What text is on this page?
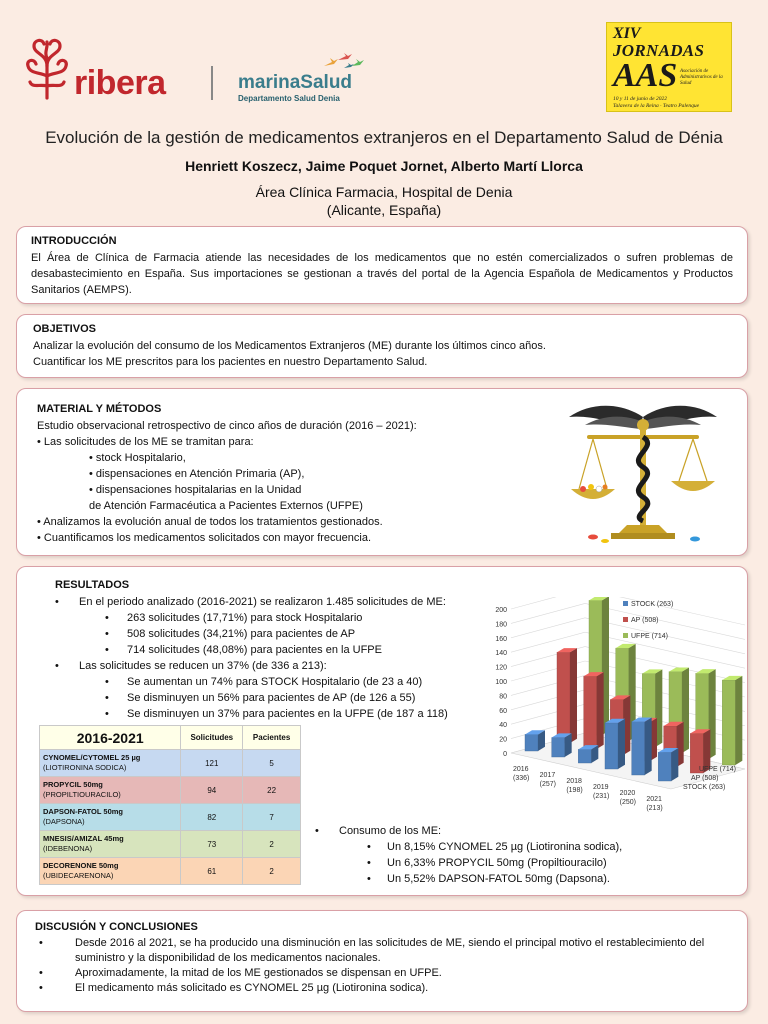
ribera	marinaSalud
Departamento Salud Denia
XIV
JORNADAS
AAS Asociación de Administrativos de la Salud
10 y 11 de junio de 2022
Talavera de la Reina · Teatro Palenque
Evolución de la gestión de medicamentos extranjeros en el Departamento Salud de Dénia
Henriett Koszecz, Jaime Poquet Jornet, Alberto Martí Llorca
Área Clínica Farmacia, Hospital de Denia
(Alicante, España)
INTRODUCCIÓN

El Área de Clínica de Farmacia atiende las necesidades de los medicamentos que no estén comercializados o sufren problemas de desabastecimiento en España. Sus importaciones se gestionan a través del portal de la Agencia Española de Medicamentos y Productos Sanitarios (AEMPS).

OBJETIVOS

Analizar la evolución del consumo de los Medicamentos Extranjeros (ME) durante los últimos cinco años.

Cuantificar los ME prescritos para los pacientes en nuestro Departamento Salud.

MATERIAL Y MÉTODOS
Estudio observacional retrospectivo de cinco años de duración (2016 – 2021):
• Las solicitudes de los ME se tramitan para:
• stock Hospitalario,
• dispensaciones en Atención Primaria (AP),
• dispensaciones hospitalarias en la Unidad
de Atención Farmacéutica a Pacientes Externos (UFPE)
• Analizamos la evolución anual de todos los tratamientos gestionados.
• Cuantificamos los medicamentos solicitados con mayor frecuencia.
RESULTADOS
• En el periodo analizado (2016-2021) se realizaron 1.485 solicitudes de ME:
• 263 solicitudes (17,71%) para stock Hospitalario
• 508 solicitudes (34,21%) para pacientes de AP
• 714 solicitudes (48,08%) para pacientes en la UFPE
• Las solicitudes se reducen un 37% (de 336 a 213):
• Se aumentan un 74% para STOCK Hospitalario (de 23 a 40)
• Se disminuyen un 56% para pacientes de AP (de 126 a 55)
• Se disminuyen un 37% para pacientes en la UFPE (de 187 a 118)
2016-2021	Solicitudes	Pacientes
CYNOMEL/CYTOMEL 25 µg
(LIOTIRONINA SODICA)	121	5
PROPYCIL 50mg
(PROPILTIOURACILO)	94	22
DAPSON-FATOL 50mg
(DAPSONA)	82	7
MNESIS/AMIZAL 45mg
(IDEBENONA)	73	2
DECORENONE 50mg
(UBIDECARENONA)	61	2
0
20
40
60
80
100
120
140
160
180
200
2016
(336) 2017
(257) 2018
(198) 2019
(231) 2020
(250) 2021
(213)
UFPE (714)
AP (508)
STOCK (263)
STOCK (263)
AP (508)
UFPE (714)
• Consumo de los ME:
• Un 8,15% CYNOMEL 25 µg (Liotironina sodica),
• Un 6,33% PROPYCIL 50mg (Propiltiouracilo)
• Un 5,52% DAPSON-FATOL 50mg (Dapsona).
DISCUSIÓN Y CONCLUSIONES
• Desde 2016 al 2021, se ha producido una disminución en las solicitudes de ME, siendo el principal motivo el restablecimiento del suministro y la disponibilidad de los medicamentos nacionales.
• Aproximadamente, la mitad de los ME gestionados se dispensan en UFPE.
• El medicamento más solicitado es CYNOMEL 25 µg (Liotironina sodica).
